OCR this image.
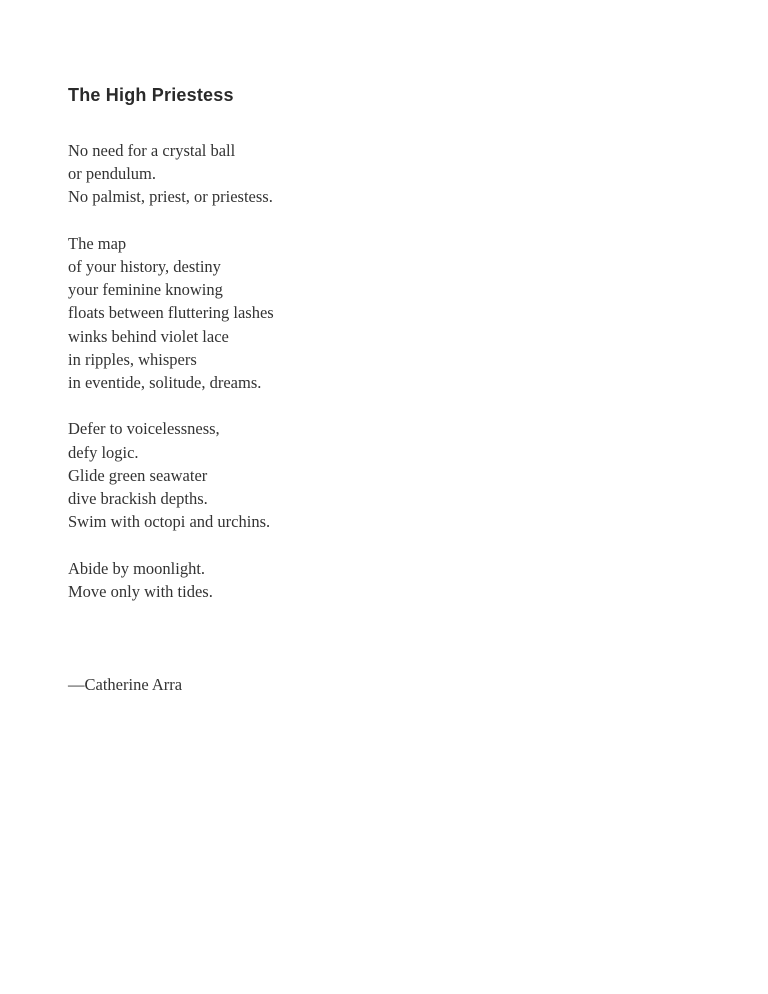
The High Priestess
No need for a crystal ball
or pendulum.
No palmist, priest, or priestess.
The map
of your history, destiny
your feminine knowing
floats between fluttering lashes
winks behind violet lace
in ripples, whispers
in eventide, solitude, dreams.
Defer to voicelessness,
defy logic.
Glide green seawater
dive brackish depths.
Swim with octopi and urchins.
Abide by moonlight.
Move only with tides.
—Catherine Arra
